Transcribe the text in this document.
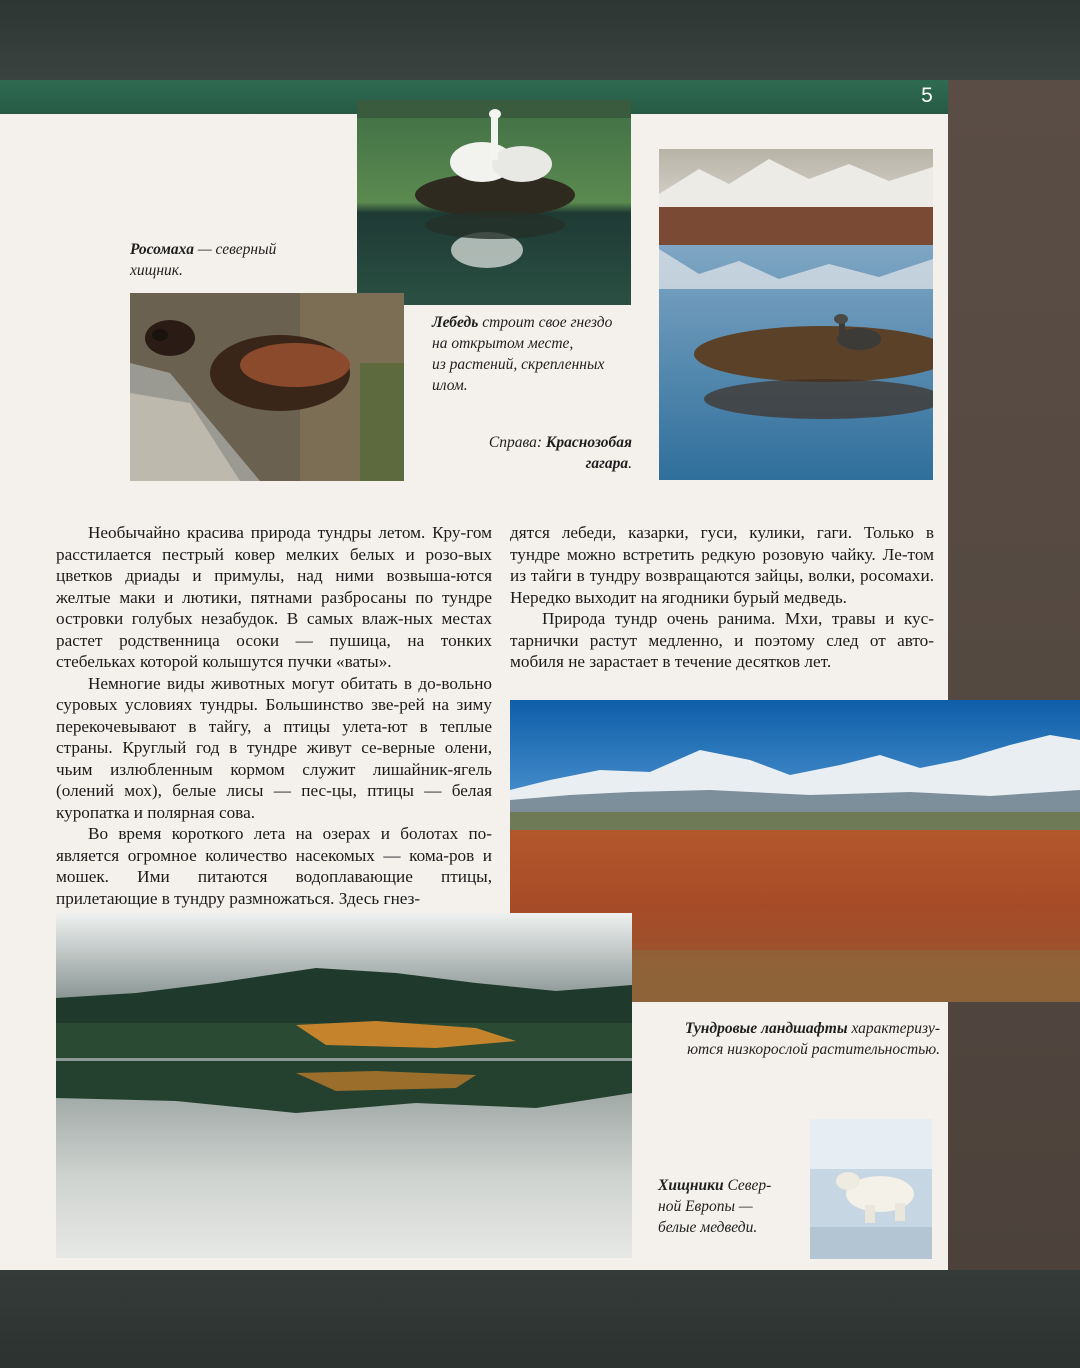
5
Росомаха — северный
хищник.
Лебедь строит свое гнездо
на открытом месте,
из растений, скрепленных
илом.
Справа: Краснозобая
гагара.
Тундровые ландшафты характеризу-
ются низкорослой растительностью.
Хищники Север-
ной Европы —
белые медведи.

Необычайно красива природа тундры летом. Кру-гом расстилается пестрый ковер мелких белых и розо-вых цветков дриады и примулы, над ними возвыша-ются желтые маки и лютики, пятнами разбросаны по тундре островки голубых незабудок. В самых влаж-ных местах растет родственница осоки — пушица, на тонких стебельках которой колышутся пучки «ваты».

Немногие виды животных могут обитать в до-вольно суровых условиях тундры. Большинство зве-рей на зиму перекочевывают в тайгу, а птицы улета-ют в теплые страны. Круглый год в тундре живут се-верные олени, чьим излюбленным кормом служит лишайник-ягель (олений мох), белые лисы — пес-цы, птицы — белая куропатка и полярная сова.

Во время короткого лета на озерах и болотах по-является огромное количество насекомых — кома-ров и мошек. Ими питаются водоплавающие птицы, прилетающие в тундру размножаться. Здесь гнез-

дятся лебеди, казарки, гуси, кулики, гаги. Только в тундре можно встретить редкую розовую чайку. Ле-том из тайги в тундру возвращаются зайцы, волки, росомахи. Нередко выходит на ягодники бурый медведь.

Природа тундр очень ранима. Мхи, травы и кус-тарнички растут медленно, и поэтому след от авто-мобиля не зарастает в течение десятков лет.
